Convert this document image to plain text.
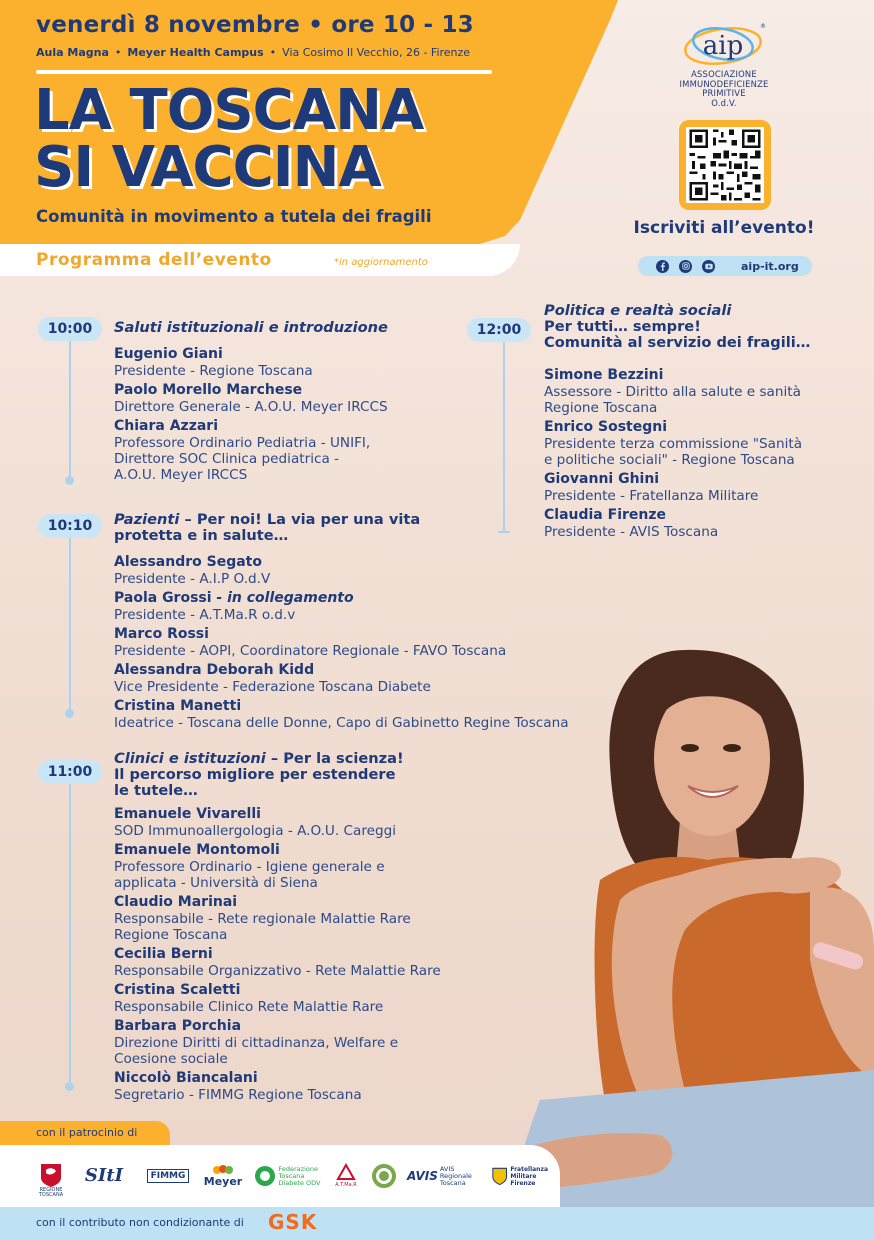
venerdì 8 novembre • ore 10 - 13
Aula Magna • Meyer Health Campus • Via Cosimo Il Vecchio, 26 - Firenze
LA TOSCANA
SI VACCINA
Comunità in movimento a tutela dei fragili
Programma dell’evento	*in aggiornamento
aip
®
ASSOCIAZIONE
IMMUNODEFICIENZE
PRIMITIVE
O.d.V.
Iscriviti all’evento!
aip-it.org
10:00
10:10
11:00
12:00
Saluti istituzionali e introduzione
Eugenio Giani
Presidente - Regione Toscana
Paolo Morello Marchese
Direttore Generale - A.O.U. Meyer IRCCS
Chiara Azzari
Professore Ordinario Pediatria - UNIFI,
Direttore SOC Clinica pediatrica -
A.O.U. Meyer IRCCS
Pazienti – Per noi! La via per una vita protetta e in salute…
Alessandro Segato
Presidente - A.I.P O.d.V
Paola Grossi - in collegamento
Presidente - A.T.Ma.R o.d.v
Marco Rossi
Presidente - AOPI, Coordinatore Regionale - FAVO Toscana
Alessandra Deborah Kidd
Vice Presidente - Federazione Toscana Diabete
Cristina Manetti
Ideatrice - Toscana delle Donne, Capo di Gabinetto Regine Toscana
Clinici e istituzioni – Per la scienza! Il percorso migliore per estendere le tutele…
Emanuele Vivarelli
SOD Immunoallergologia - A.O.U. Careggi
Emanuele Montomoli
Professore Ordinario - Igiene generale e
applicata - Università di Siena
Claudio Marinai
Responsabile - Rete regionale Malattie Rare
Regione Toscana
Cecilia Berni
Responsabile Organizzativo - Rete Malattie Rare
Cristina Scaletti
Responsabile Clinico Rete Malattie Rare
Barbara Porchia
Direzione Diritti di cittadinanza, Welfare e
Coesione sociale
Niccolò Biancalani
Segretario - FIMMG Regione Toscana
Politica e realtà sociali
Per tutti… sempre!
Comunità al servizio dei fragili…
Simone Bezzini
Assessore - Diritto alla salute e sanità
Regione Toscana
Enrico Sostegni
Presidente terza commissione "Sanità
e politiche sociali" - Regione Toscana
Giovanni Ghini
Presidente - Fratellanza Militare
Claudia Firenze
Presidente - AVIS Toscana
con il patrocinio di
REGIONE
TOSCANA
SItI	FIMMG	Meyer
Federazione
Toscana
Diabete ODV	A.T.Ma.R
AVIS
AVIS Regionale
Toscana
Fratellanza
Militare
Firenze
con il contributo non condizionante di GSK
